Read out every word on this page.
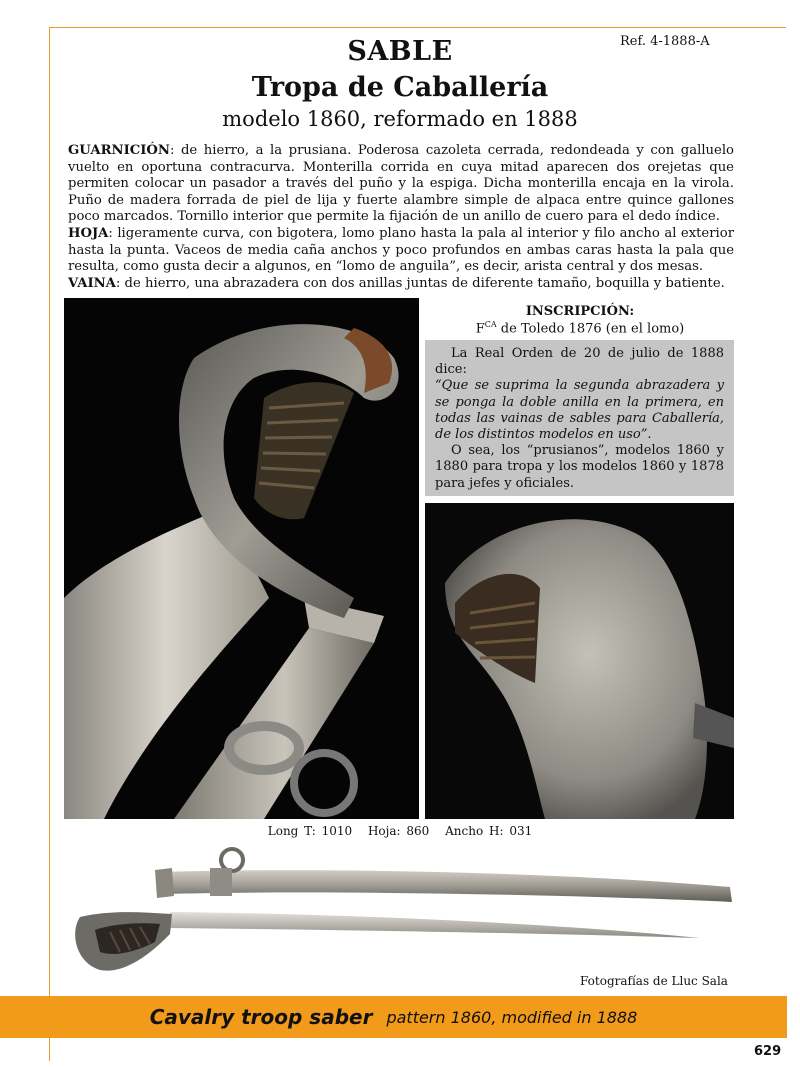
Ref. 4-1888-A
SABLE
Tropa de Caballería
modelo 1860, reformado en 1888

GUARNICIÓN: de hierro, a la prusiana. Poderosa cazoleta cerrada, redondeada y con galluelo vuelto en oportuna contracurva. Monterilla corrida en cuya mitad aparecen dos orejetas que permiten colocar un pasador a través del puño y la espiga. Dicha monterilla encaja en la virola. Puño de madera forrada de piel de lija y fuerte alambre simple de alpaca entre quince gallones poco marcados. Tornillo interior que permite la fijación de un anillo de cuero para el dedo índice.

HOJA: ligeramente curva, con bigotera, lomo plano hasta la pala al interior y filo ancho al exterior hasta la punta. Vaceos de media caña anchos y poco profundos en ambas caras hasta la pala que resulta, como gusta decir a algunos, en “lomo de anguila”, es decir, arista central y dos mesas.

VAINA: de hierro, una abrazadera con dos anillas juntas de diferente tamaño, boquilla y batiente.

INSCRIPCIÓN:
$F^{CA}$ de Toledo 1876 (en el lomo)

La Real Orden de 20 de julio de 1888 dice:

“Que se suprima la segunda abrazadera y se ponga la doble anilla en la primera, en todas las vainas de sables para Caballería, de los distintos modelos en uso”.

O sea, los “prusianos”, modelos 1860 y 1880 para tropa y los modelos 1860 y 1878 para jefes y oficiales.

Long T: 1010 Hoja: 860 Ancho H: 031
Fotografías de Lluc Sala
Cavalry troop saber pattern 1860, modified in 1888
629
